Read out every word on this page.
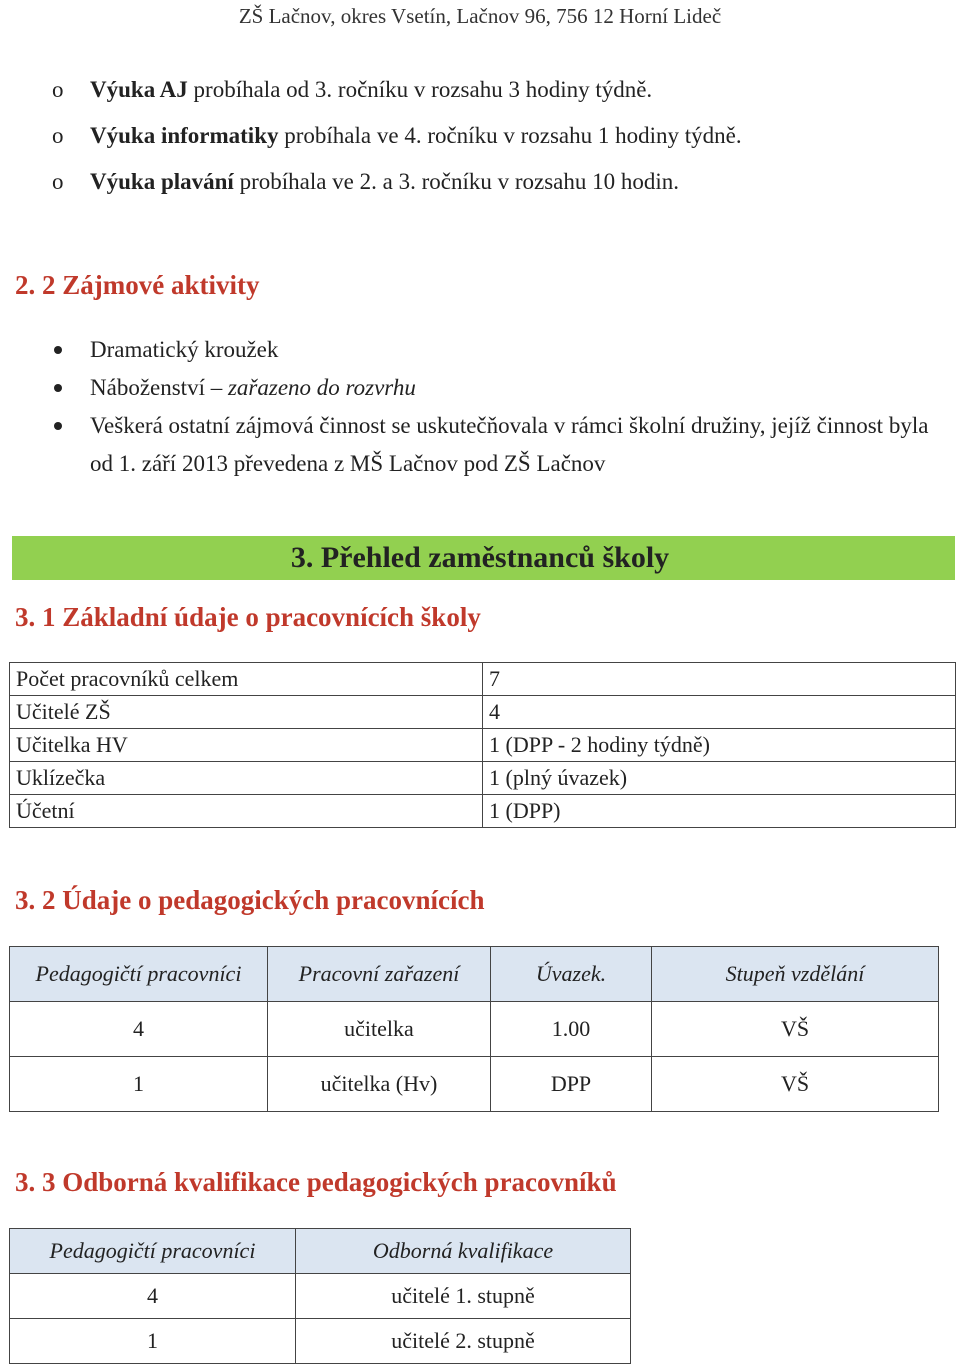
ZŠ Lačnov, okres Vsetín, Lačnov 96, 756 12 Horní Lideč
o Výuka AJ probíhala od 3. ročníku v rozsahu 3 hodiny týdně.
o Výuka informatiky probíhala ve 4. ročníku v rozsahu 1 hodiny týdně.
o Výuka plavání probíhala ve 2. a 3. ročníku v rozsahu 10 hodin.
2. 2 Zájmové aktivity
Dramatický kroužek
Náboženství – zařazeno do rozvrhu
Veškerá ostatní zájmová činnost se uskutečňovala v rámci školní družiny, jejíž činnost byla od 1. září 2013 převedena z MŠ Lačnov pod ZŠ Lačnov
3. Přehled zaměstnanců školy
3. 1 Základní údaje o pracovnících školy
Počet pracovníků celkem	7
Učitelé ZŠ	4
Učitelka HV	1 (DPP - 2 hodiny týdně)
Uklízečka	1 (plný úvazek)
Účetní	1 (DPP)
3. 2 Údaje o pedagogických pracovnících
Pedagogičtí pracovníci	Pracovní zařazení	Úvazek.	Stupeň vzdělání
4	učitelka	1.00	VŠ
1	učitelka (Hv)	DPP	VŠ
3. 3 Odborná kvalifikace pedagogických pracovníků
Pedagogičtí pracovníci	Odborná kvalifikace
4	učitelé 1. stupně
1	učitelé 2. stupně
